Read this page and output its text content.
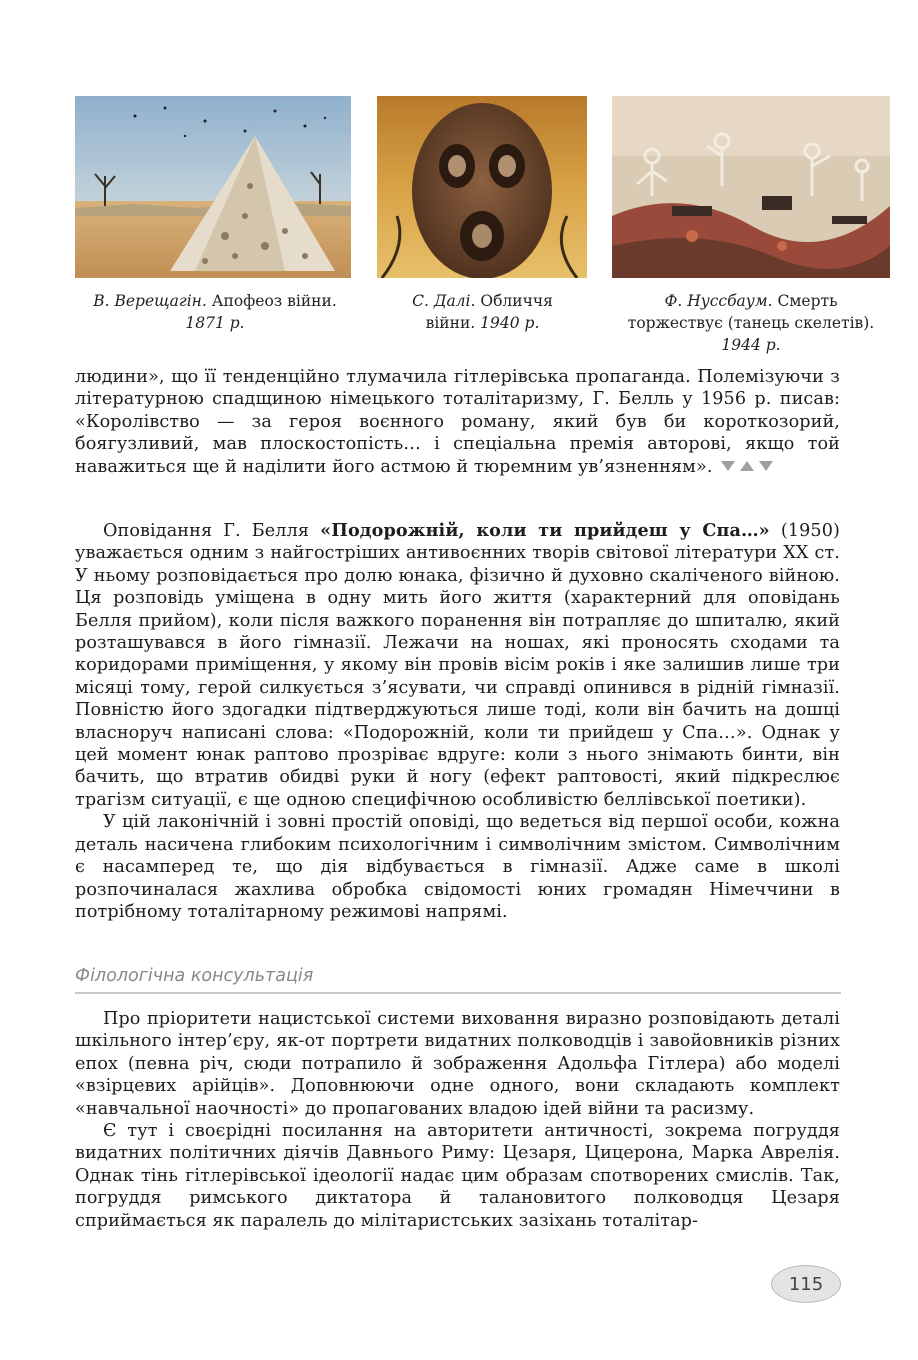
В. Верещагін. Апофеоз війни.
1871 р.
С. Далі. Обличчя
війни. 1940 р.
Ф. Нуссбаум. Смерть
торжествує (танець скелетів).
1944 р.

людини», що її тенденційно тлумачила гітлерівська пропаганда. Полемізуючи з літературною спадщиною німецького тоталітаризму, Г. Белль у 1956 р. писав: «Королівство — за героя воєнного роману, який був би короткозорий, боягузливий, мав плоскостопість… і спеціальна премія авторові, якщо той наважиться ще й наділити його астмою й тюремним ув’язненням».

Оповідання Г. Белля «Подорожній, коли ти прийдеш у Спа…» (1950) уважається одним з найгостріших антивоєнних творів світової літератури ХХ ст. У ньому розповідається про долю юнака, фізично й духовно скаліченого війною. Ця розповідь уміщена в одну мить його життя (характерний для оповідань Белля прийом), коли після важкого поранення він потрапляє до шпиталю, який розташувався в його гімназії. Лежачи на ношах, які проносять сходами та коридорами приміщення, у якому він провів вісім років і яке залишив лише три місяці тому, герой силкується з’ясувати, чи справді опинився в рідній гімназії. Повністю його здогадки підтверджуються лише тоді, коли він бачить на дошці власноруч написані слова: «Подорожній, коли ти прийдеш у Спа…». Однак у цей момент юнак раптово прозріває вдруге: коли з нього знімають бинти, він бачить, що втратив обидві руки й ногу (ефект раптовості, який підкреслює трагізм ситуації, є ще одною специфічною особливістю беллівської поетики).

У цій лаконічній і зовні простій оповіді, що ведеться від першої особи, кожна деталь насичена глибоким психологічним і символічним змістом. Символічним є насамперед те, що дія відбувається в гімназії. Адже саме в школі розпочиналася жахлива обробка свідомості юних громадян Німеччини в потрібному тоталітарному режимові напрямі.

Філологічна консультація

Про пріоритети нацистської системи виховання виразно розповідають деталі шкільного інтер’єру, як-от портрети видатних полководців і завойовників різних епох (певна річ, сюди потрапило й зображення Адольфа Гітлера) або моделі «взірцевих арійців». Доповнюючи одне одного, вони складають комплект «навчальної наочності» до пропагованих владою ідей війни та расизму.

Є тут і своєрідні посилання на авторитети античності, зокрема погруддя видатних політичних діячів Давнього Риму: Цезаря, Цицерона, Марка Аврелія. Однак тінь гітлерівської ідеології надає цим образам спотворених смислів. Так, погруддя римського диктатора й талановитого полководця Цезаря сприймається як паралель до мілітаристських зазіхань тоталітар-

115
